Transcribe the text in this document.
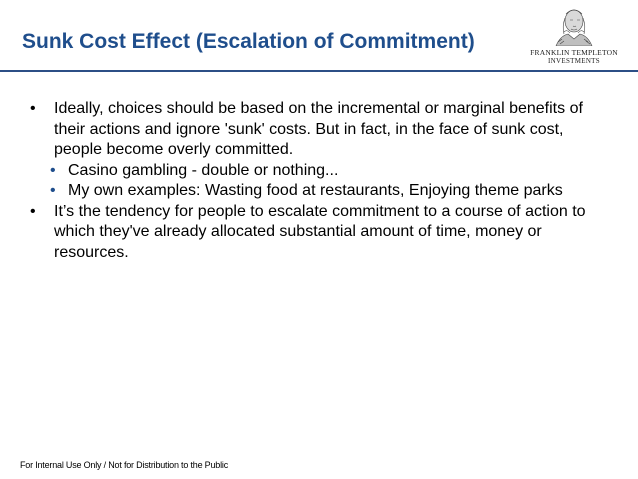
Sunk Cost Effect (Escalation of Commitment)	FRANKLIN TEMPLETON
INVESTMENTS
• Ideally, choices should be based on the incremental or marginal benefits of their actions and ignore 'sunk' costs. But in fact, in the face of sunk cost, people become overly committed.
• Casino gambling - double or nothing...
• My own examples: Wasting food at restaurants, Enjoying theme parks
• It’s the tendency for people to escalate commitment to a course of action to which they've already allocated substantial amount of time, money or resources.
For Internal Use Only / Not for Distribution to the Public
